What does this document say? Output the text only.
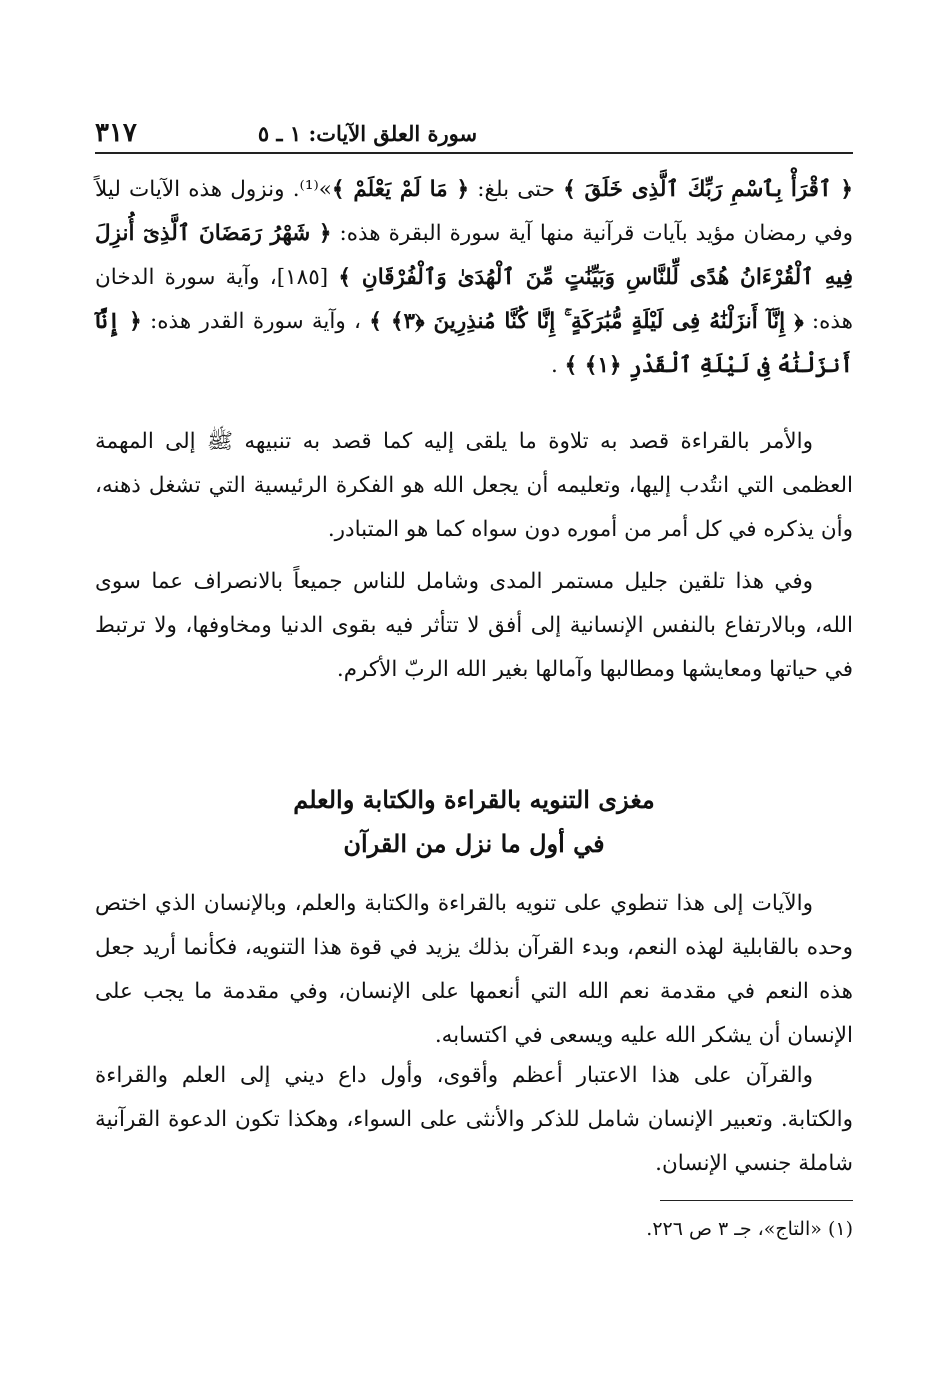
سورة العلق الآيات: ١ ـ ٥
٣١٧

﴿ ٱقْرَأْ بِٱسْمِ رَبِّكَ ٱلَّذِى خَلَقَ ﴾ حتى بلغ: ﴿ مَا لَمْ يَعْلَمْ ﴾»⁽¹⁾. ونزول هذه الآيات ليلاً وفي رمضان مؤيد بآيات قرآنية منها آية سورة البقرة هذه: ﴿ شَهْرُ رَمَضَانَ ٱلَّذِىٓ أُنزِلَ فِيهِ ٱلْقُرْءَانُ هُدًى لِّلنَّاسِ وَبَيِّنَٰتٍ مِّنَ ٱلْهُدَىٰ وَٱلْفُرْقَانِ ﴾ [١٨٥]، وآية سورة الدخان هذه: ﴿ إِنَّآ أَنزَلْنَٰهُ فِى لَيْلَةٍ مُّبَٰرَكَةٍ ۚ إِنَّا كُنَّا مُنذِرِينَ ﴿٣﴾ ﴾ ، وآية سورة القدر هذه: ﴿ إِنَّآ أَنزَلْنَٰهُ فِى لَيْلَةِ ٱلْقَدْرِ ﴿١﴾ ﴾ .

والأمر بالقراءة قصد به تلاوة ما يلقى إليه كما قصد به تنبيهه ﷺ إلى المهمة العظمى التي انتُدب إليها، وتعليمه أن يجعل الله هو الفكرة الرئيسية التي تشغل ذهنه، وأن يذكره في كل أمر من أموره دون سواه كما هو المتبادر.

وفي هذا تلقين جليل مستمر المدى وشامل للناس جميعاً بالانصراف عما سوى الله، وبالارتفاع بالنفس الإنسانية إلى أفق لا تتأثر فيه بقوى الدنيا ومخاوفها، ولا ترتبط في حياتها ومعايشها ومطالبها وآمالها بغير الله الربّ الأكرم.

مغزى التنويه بالقراءة والكتابة والعلم
في أول ما نزل من القرآن

والآيات إلى هذا تنطوي على تنويه بالقراءة والكتابة والعلم، وبالإنسان الذي اختص وحده بالقابلية لهذه النعم، وبدء القرآن بذلك يزيد في قوة هذا التنويه، فكأنما أريد جعل هذه النعم في مقدمة نعم الله التي أنعمها على الإنسان، وفي مقدمة ما يجب على الإنسان أن يشكر الله عليه ويسعى في اكتسابه.

والقرآن على هذا الاعتبار أعظم وأقوى، وأول داع ديني إلى العلم والقراءة والكتابة. وتعبير الإنسان شامل للذكر والأنثى على السواء، وهكذا تكون الدعوة القرآنية شاملة جنسي الإنسان.

(١) «التاج»، جـ ٣ ص ٢٢٦.
